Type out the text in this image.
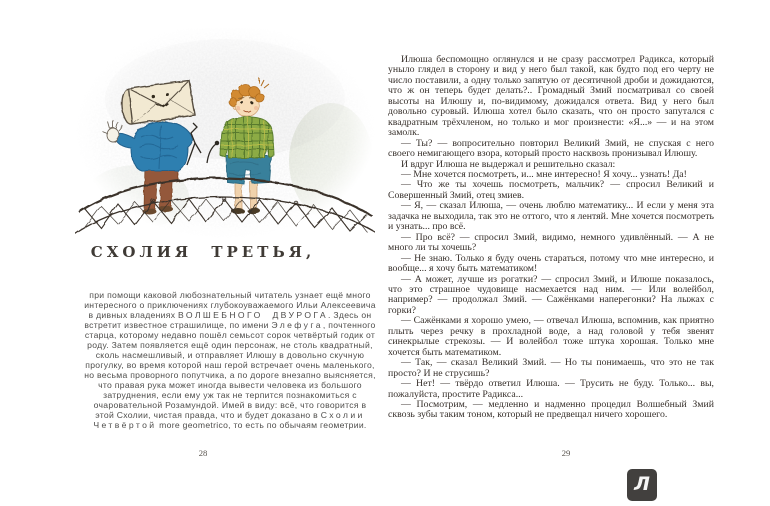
СХОЛИЯ ТРЕТЬЯ,
при помощи каковой любознательный читатель узнает ещё много интересного о приключениях глубокоуважаемого Ильи Алексеевича в дивных владениях ВОЛШЕБНОГО ДВУРОГА. Здесь он встретит известное страшилище, по имени Элефуга, почтенного старца, которому недавно пошёл семьсот сорок четвёртый годик от роду. Затем появляется ещё один персонаж, не столь квадратный, сколь насмешливый, и отправляет Илюшу в довольно скучную прогулку, во время которой наш герой встречает очень маленького, но весьма проворного попутчика, а по дороге внезапно выясняется, что правая рука может иногда вывести человека из большого затруднения, если ему уж так не терпится познакомиться с очаровательной Розамундой. Имей в виду: всё, что говорится в этой Схолии, чистая правда, что и будет доказано в Схолии Четвёртой more geometrico, то есть по обычаям геометрии.
28

Илюша беспомощно оглянулся и не сразу рассмотрел Радикса, который уныло глядел в сторону и вид у него был такой, как будто под его черту не число поставили, а одну только запятую от десятичной дроби и дожидаются, что ж он теперь будет делать?.. Громадный Змий посматривал со своей высоты на Илюшу и, по-видимому, дожидался ответа. Вид у него был довольно суровый. Илюша хотел было сказать, что он просто запутался с квадратным трёхчленом, но только и мог произнести: «Я...» — и на этом замолк.

— Ты? — вопросительно повторил Великий Змий, не спуская с него своего немигающего взора, который просто насквозь пронизывал Илюшу.

И вдруг Илюша не выдержал и решительно сказал:

— Мне хочется посмотреть, и... мне интересно! Я хочу... узнать! Да!

— Что же ты хочешь посмотреть, мальчик? — спросил Великий и Совершенный Змий, отец змиев.

— Я, — сказал Илюша, — очень люблю математику... И если у меня эта задачка не выходила, так это не оттого, что я лентяй. Мне хочется посмотреть и узнать... про всё.

— Про всё? — спросил Змий, видимо, немного удивлённый. — А не много ли ты хочешь?

— Не знаю. Только я буду очень стараться, потому что мне интересно, и вообще... я хочу быть математиком!

— А может, лучше из рогатки? — спросил Змий, и Илюше показалось, что это страшное чудовище насмехается над ним. — Или волейбол, например? — продолжал Змий. — Сажёнками наперегонки? На лыжах с горки?

— Сажёнками я хорошо умею, — отвечал Илюша, вспомнив, как приятно плыть через речку в прохладной воде, а над головой у тебя звенят синекрылые стрекозы. — И волейбол тоже штука хорошая. Только мне хочется быть математиком.

— Так, — сказал Великий Змий. — Но ты понимаешь, что это не так просто? И не струсишь?

— Нет! — твёрдо ответил Илюша. — Трусить не буду. Только... вы, пожалуйста, простите Радикса...

— Посмотрим, — медленно и надменно процедил Волшебный Змий сквозь зубы таким тоном, который не предвещал ничего хорошего.

29
Л
